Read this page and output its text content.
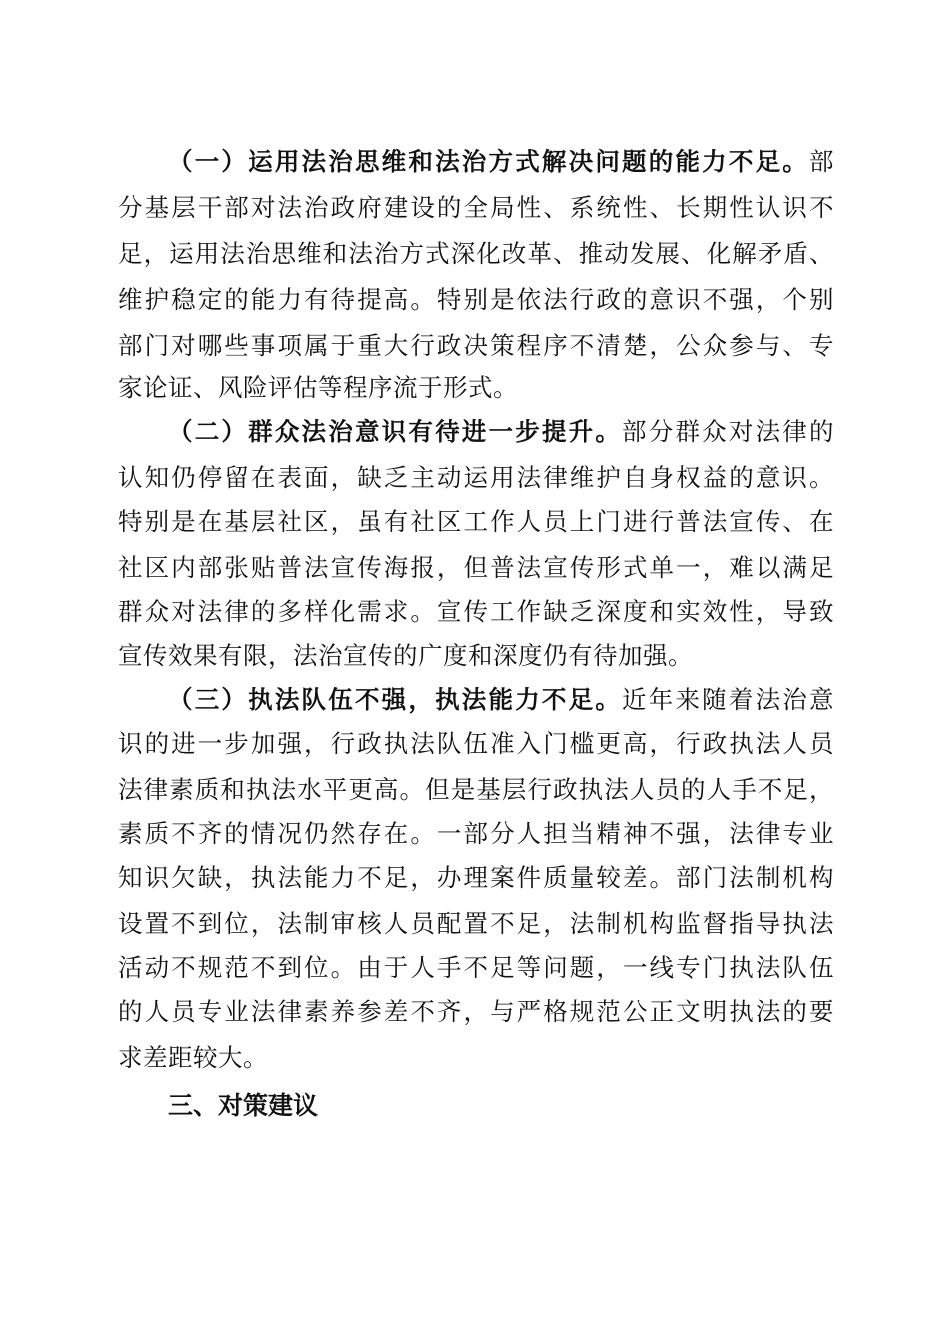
（一）运用法治思维和法治方式解决问题的能力不足。部
分基层干部对法治政府建设的全局性、系统性、长期性认识不
足，运用法治思维和法治方式深化改革、推动发展、化解矛盾、
维护稳定的能力有待提高。特别是依法行政的意识不强，个别
部门对哪些事项属于重大行政决策程序不清楚，公众参与、专
家论证、风险评估等程序流于形式。
（二）群众法治意识有待进一步提升。部分群众对法律的
认知仍停留在表面，缺乏主动运用法律维护自身权益的意识。
特别是在基层社区，虽有社区工作人员上门进行普法宣传、在
社区内部张贴普法宣传海报，但普法宣传形式单一，难以满足
群众对法律的多样化需求。宣传工作缺乏深度和实效性，导致
宣传效果有限，法治宣传的广度和深度仍有待加强。
（三）执法队伍不强，执法能力不足。近年来随着法治意
识的进一步加强，行政执法队伍准入门槛更高，行政执法人员
法律素质和执法水平更高。但是基层行政执法人员的人手不足，
素质不齐的情况仍然存在。一部分人担当精神不强，法律专业
知识欠缺，执法能力不足，办理案件质量较差。部门法制机构
设置不到位，法制审核人员配置不足，法制机构监督指导执法
活动不规范不到位。由于人手不足等问题，一线专门执法队伍
的人员专业法律素养参差不齐，与严格规范公正文明执法的要
求差距较大。
三、对策建议
